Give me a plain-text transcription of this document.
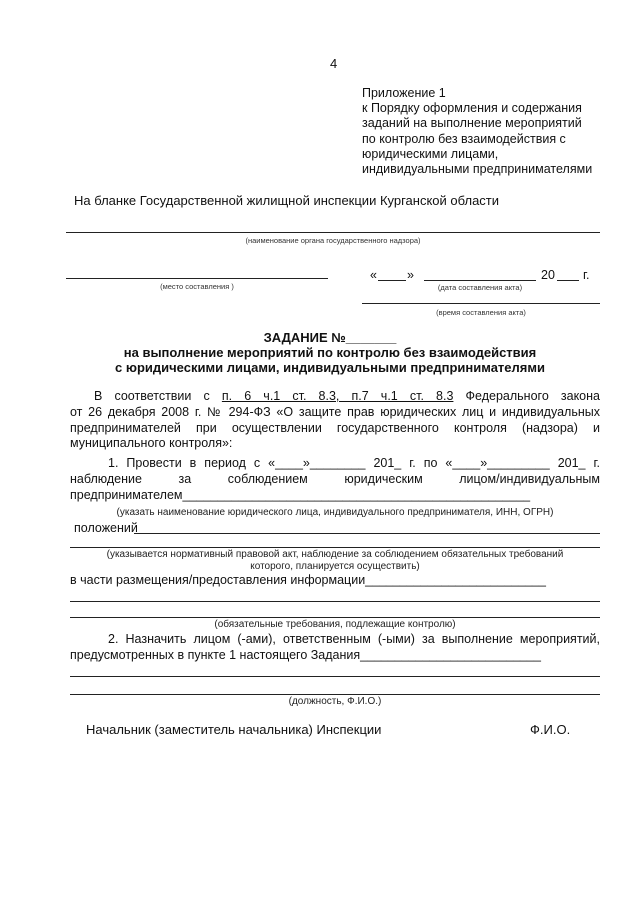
4
Приложение 1
к Порядку оформления и содержания
заданий на выполнение мероприятий
по контролю без взаимодействия с
юридическими лицами,
индивидуальными предпринимателями
На бланке Государственной жилищной инспекции Курганской области
(наименование органа государственного надзора)
(место составления )
« »	20 г.
(дата составления акта)
(время составления акта)
ЗАДАНИЕ №_______
на выполнение мероприятий по контролю без взаимодействия
с юридическими лицами, индивидуальными предпринимателями
В соответствии с п. 6 ч.1 ст. 8.3, п.7 ч.1 ст. 8.3 Федерального закона
от 26 декабря 2008 г. № 294-ФЗ «О защите прав юридических лиц и индивидуальных
предпринимателей при осуществлении государственного контроля (надзора) и
муниципального контроля»:
1. Провести в период с «____»________ 201_ г. по «____»_________ 201_ г.
наблюдение за соблюдением юридическим лицом/индивидуальным
предпринимателем__________________________________________________
(указать наименование юридического лица, индивидуального предпринимателя, ИНН, ОГРН)
положений
(указывается нормативный правовой акт, наблюдение за соблюдением обязательных требований
которого, планируется осуществить)
в части размещения/предоставления информации__________________________
(обязательные требования, подлежащие контролю)
2. Назначить лицом (-ами), ответственным (-ыми) за выполнение мероприятий,
предусмотренных в пункте 1 настоящего Задания__________________________
(должность, Ф.И.О.)
Начальник (заместитель начальника) Инспекции	Ф.И.О.
